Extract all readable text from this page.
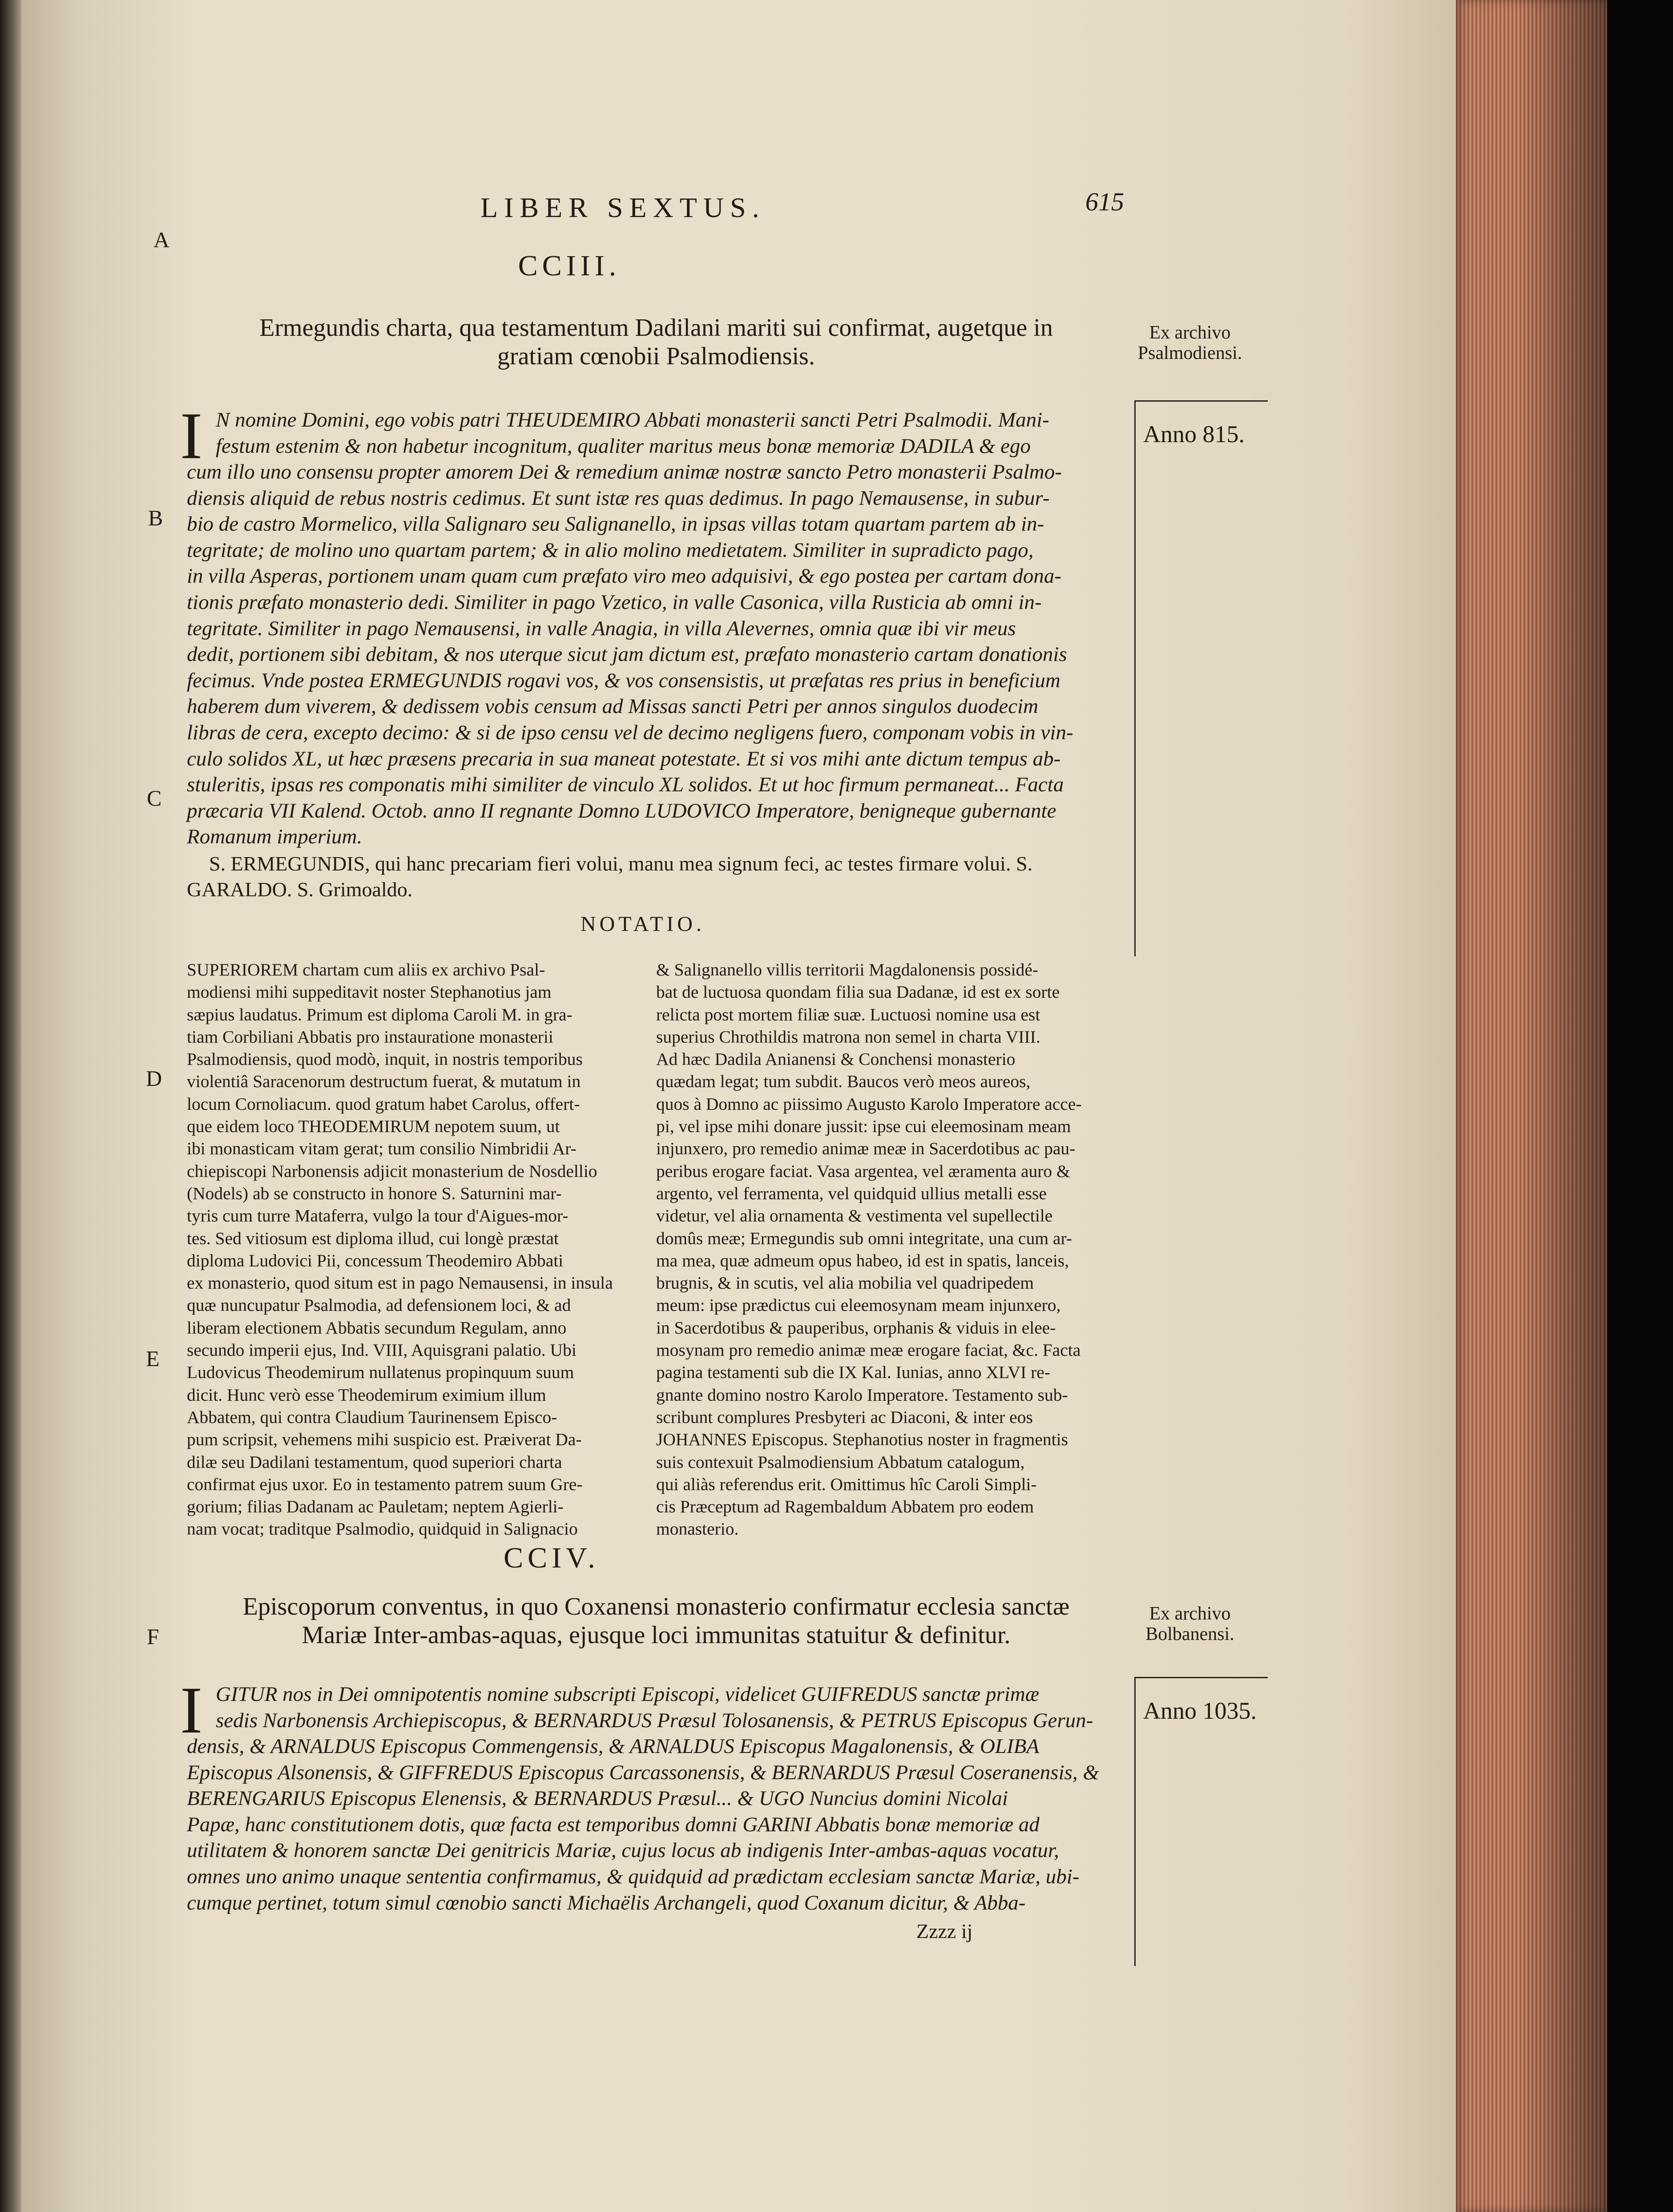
LIBER SEXTUS.	615
A
B
C
D
E
F
CCIII.
Ermegundis charta, qua testamentum Dadilani mariti sui confirmat, augetque in
gratiam cœnobii Psalmodiensis.
Ex archivo
Psalmodiensi.
Anno 815.
I N nomine Domini, ego vobis patri THEUDEMIRO Abbati monasterii sancti Petri Psalmodii. Mani-
festum estenim & non habetur incognitum, qualiter maritus meus bonæ memoriæ DADILA & ego
cum illo uno consensu propter amorem Dei & remedium animæ nostræ sancto Petro monasterii Psalmo-
diensis aliquid de rebus nostris cedimus. Et sunt istæ res quas dedimus. In pago Nemausense, in subur-
bio de castro Mormelico, villa Salignaro seu Salignanello, in ipsas villas totam quartam partem ab in-
tegritate; de molino uno quartam partem; & in alio molino medietatem. Similiter in supradicto pago,
in villa Asperas, portionem unam quam cum præfato viro meo adquisivi, & ego postea per cartam dona-
tionis præfato monasterio dedi. Similiter in pago Vzetico, in valle Casonica, villa Rusticia ab omni in-
tegritate. Similiter in pago Nemausensi, in valle Anagia, in villa Alevernes, omnia quæ ibi vir meus
dedit, portionem sibi debitam, & nos uterque sicut jam dictum est, præfato monasterio cartam donationis
fecimus. Vnde postea ERMEGUNDIS rogavi vos, & vos consensistis, ut præfatas res prius in beneficium
haberem dum viverem, & dedissem vobis censum ad Missas sancti Petri per annos singulos duodecim
libras de cera, excepto decimo: & si de ipso censu vel de decimo negligens fuero, componam vobis in vin-
culo solidos XL, ut hæc præsens precaria in sua maneat potestate. Et si vos mihi ante dictum tempus ab-
stuleritis, ipsas res componatis mihi similiter de vinculo XL solidos. Et ut hoc firmum permaneat... Facta
præcaria VII Kalend. Octob. anno II regnante Domno LUDOVICO Imperatore, benigneque gubernante
Romanum imperium.
S. ERMEGUNDIS, qui hanc precariam fieri volui, manu mea signum feci, ac testes firmare volui. S.
GARALDO. S. Grimoaldo.
NOTATIO.
SUPERIOREM chartam cum aliis ex archivo Psal-
modiensi mihi suppeditavit noster Stephanotius jam
sæpius laudatus. Primum est diploma Caroli M. in gra-
tiam Corbiliani Abbatis pro instauratione monasterii
Psalmodiensis, quod modò, inquit, in nostris temporibus
violentiâ Saracenorum destructum fuerat, & mutatum in
locum Cornoliacum. quod gratum habet Carolus, offert-
que eidem loco THEODEMIRUM nepotem suum, ut
ibi monasticam vitam gerat; tum consilio Nimbridii Ar-
chiepiscopi Narbonensis adjicit monasterium de Nosdellio
(Nodels) ab se constructo in honore S. Saturnini mar-
tyris cum turre Mataferra, vulgo la tour d'Aigues-mor-
tes. Sed vitiosum est diploma illud, cui longè præstat
diploma Ludovici Pii, concessum Theodemiro Abbati
ex monasterio, quod situm est in pago Nemausensi, in insula
quæ nuncupatur Psalmodia, ad defensionem loci, & ad
liberam electionem Abbatis secundum Regulam, anno
secundo imperii ejus, Ind. VIII, Aquisgrani palatio. Ubi
Ludovicus Theodemirum nullatenus propinquum suum
dicit. Hunc verò esse Theodemirum eximium illum
Abbatem, qui contra Claudium Taurinensem Episco-
pum scripsit, vehemens mihi suspicio est. Præiverat Da-
dilæ seu Dadilani testamentum, quod superiori charta
confirmat ejus uxor. Eo in testamento patrem suum Gre-
gorium; filias Dadanam ac Pauletam; neptem Agierli-
nam vocat; traditque Psalmodio, quidquid in Salignacio
& Salignanello villis territorii Magdalonensis possidé-
bat de luctuosa quondam filia sua Dadanæ, id est ex sorte
relicta post mortem filiæ suæ. Luctuosi nomine usa est
superius Chrothildis matrona non semel in charta VIII.
Ad hæc Dadila Anianensi & Conchensi monasterio
quædam legat; tum subdit. Baucos verò meos aureos,
quos à Domno ac piissimo Augusto Karolo Imperatore acce-
pi, vel ipse mihi donare jussit: ipse cui eleemosinam meam
injunxero, pro remedio animæ meæ in Sacerdotibus ac pau-
peribus erogare faciat. Vasa argentea, vel æramenta auro &
argento, vel ferramenta, vel quidquid ullius metalli esse
videtur, vel alia ornamenta & vestimenta vel supellectile
domûs meæ; Ermegundis sub omni integritate, una cum ar-
ma mea, quæ admeum opus habeo, id est in spatis, lanceis,
brugnis, & in scutis, vel alia mobilia vel quadripedem
meum: ipse prædictus cui eleemosynam meam injunxero,
in Sacerdotibus & pauperibus, orphanis & viduis in elee-
mosynam pro remedio animæ meæ erogare faciat, &c. Facta
pagina testamenti sub die IX Kal. Iunias, anno XLVI re-
gnante domino nostro Karolo Imperatore. Testamento sub-
scribunt complures Presbyteri ac Diaconi, & inter eos
JOHANNES Episcopus. Stephanotius noster in fragmentis
suis contexuit Psalmodiensium Abbatum catalogum,
qui aliàs referendus erit. Omittimus hîc Caroli Simpli-
cis Præceptum ad Ragembaldum Abbatem pro eodem
monasterio.
CCIV.
Episcoporum conventus, in quo Coxanensi monasterio confirmatur ecclesia sanctæ
Mariæ Inter-ambas-aquas, ejusque loci immunitas statuitur & definitur.
Ex archivo
Bolbanensi.
Anno 1035.
I GITUR nos in Dei omnipotentis nomine subscripti Episcopi, videlicet GUIFREDUS sanctæ primæ
sedis Narbonensis Archiepiscopus, & BERNARDUS Præsul Tolosanensis, & PETRUS Episcopus Gerun-
densis, & ARNALDUS Episcopus Commengensis, & ARNALDUS Episcopus Magalonensis, & OLIBA
Episcopus Alsonensis, & GIFFREDUS Episcopus Carcassonensis, & BERNARDUS Præsul Coseranensis, &
BERENGARIUS Episcopus Elenensis, & BERNARDUS Præsul... & UGO Nuncius domini Nicolai
Papæ, hanc constitutionem dotis, quæ facta est temporibus domni GARINI Abbatis bonæ memoriæ ad
utilitatem & honorem sanctæ Dei genitricis Mariæ, cujus locus ab indigenis Inter-ambas-aquas vocatur,
omnes uno animo unaque sententia confirmamus, & quidquid ad prædictam ecclesiam sanctæ Mariæ, ubi-
cumque pertinet, totum simul cœnobio sancti Michaëlis Archangeli, quod Coxanum dicitur, & Abba-
Zzzz ij
